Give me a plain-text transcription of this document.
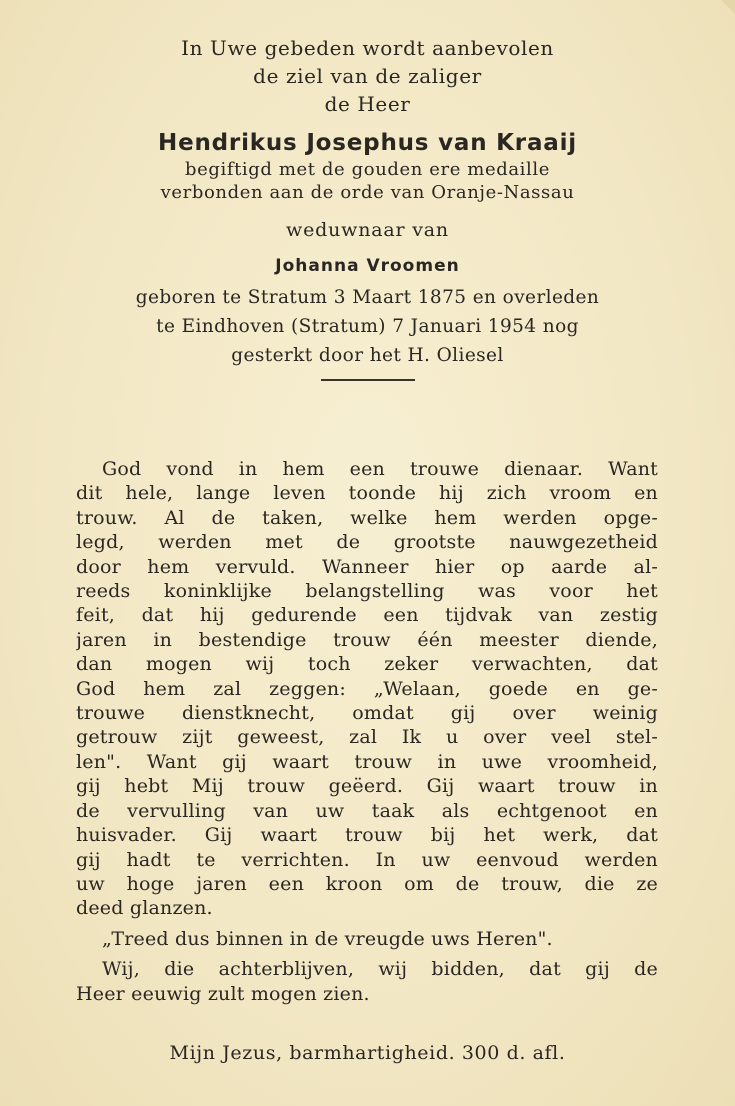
In Uwe gebeden wordt aanbevolen
de ziel van de zaliger
de Heer
Hendrikus Josephus van Kraaij
begiftigd met de gouden ere medaille
verbonden aan de orde van Oranje-Nassau
weduwnaar van
Johanna Vroomen
geboren te Stratum 3 Maart 1875 en overleden
te Eindhoven (Stratum) 7 Januari 1954 nog
gesterkt door het H. Oliesel
God vond in hem een trouwe dienaar. Want
dit hele, lange leven toonde hij zich vroom en
trouw. Al de taken, welke hem werden opge-
legd, werden met de grootste nauwgezetheid
door hem vervuld. Wanneer hier op aarde al-
reeds koninklijke belangstelling was voor het
feit, dat hij gedurende een tijdvak van zestig
jaren in bestendige trouw één meester diende,
dan mogen wij toch zeker verwachten, dat
God hem zal zeggen: „Welaan, goede en ge-
trouwe dienstknecht, omdat gij over weinig
getrouw zijt geweest, zal Ik u over veel stel-
len". Want gij waart trouw in uwe vroomheid,
gij hebt Mij trouw geëerd. Gij waart trouw in
de vervulling van uw taak als echtgenoot en
huisvader. Gij waart trouw bij het werk, dat
gij hadt te verrichten. In uw eenvoud werden
uw hoge jaren een kroon om de trouw, die ze
deed glanzen.
„Treed dus binnen in de vreugde uws Heren".
Wij, die achterblijven, wij bidden, dat gij de
Heer eeuwig zult mogen zien.
Mijn Jezus, barmhartigheid. 300 d. afl.
